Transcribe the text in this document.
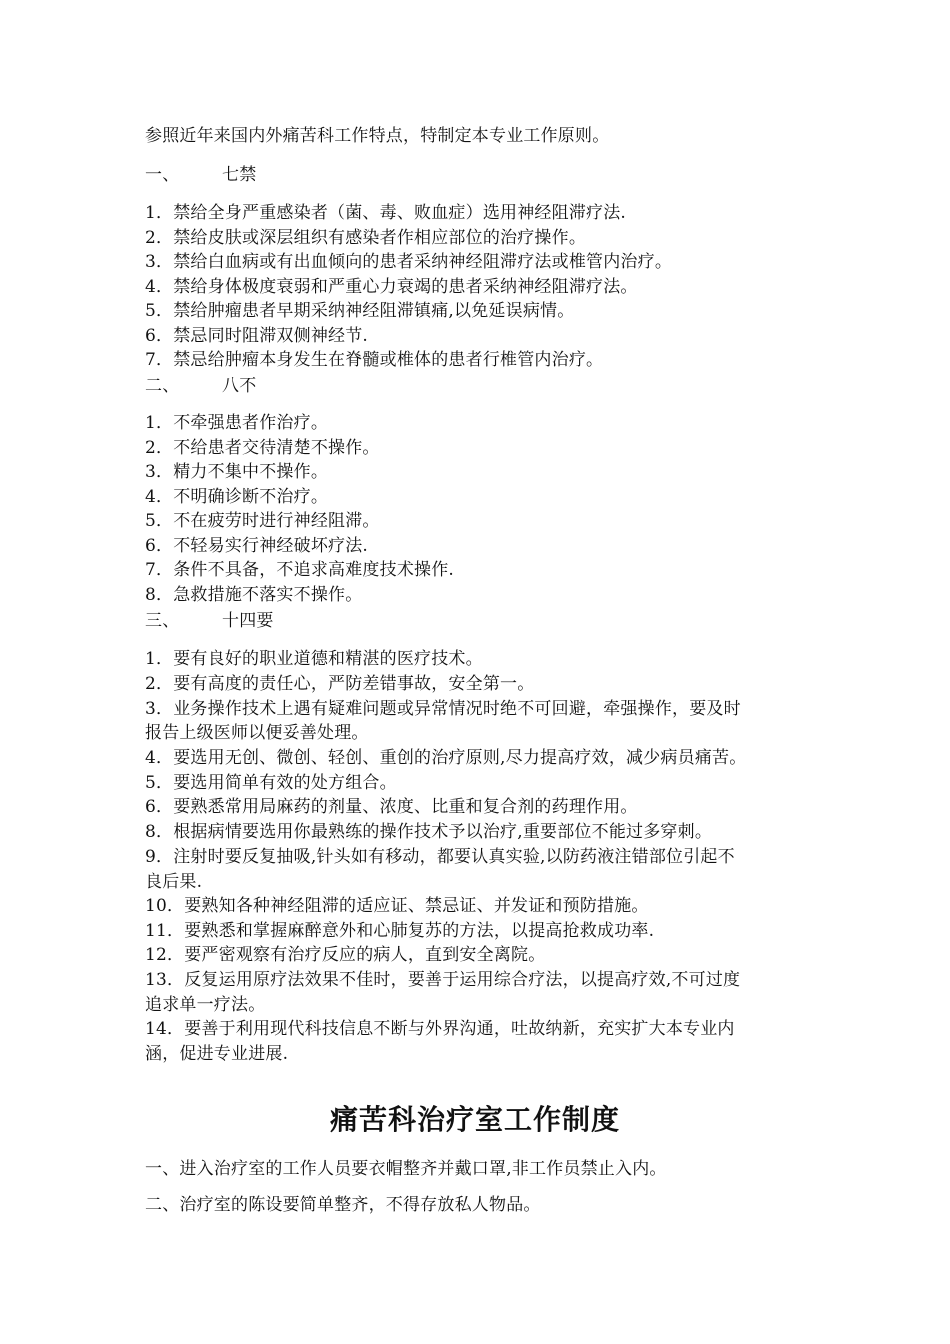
参照近年来国内外痛苦科工作特点，特制定本专业工作原则。
一、	七禁
1．禁给全身严重感染者（菌、毒、败血症）选用神经阻滞疗法.
2．禁给皮肤或深层组织有感染者作相应部位的治疗操作。
3．禁给白血病或有出血倾向的患者采纳神经阻滞疗法或椎管内治疗。
4．禁给身体极度衰弱和严重心力衰竭的患者采纳神经阻滞疗法。
5．禁给肿瘤患者早期采纳神经阻滞镇痛,以免延误病情。
6．禁忌同时阻滞双侧神经节.
7．禁忌给肿瘤本身发生在脊髓或椎体的患者行椎管内治疗。
二、	八不
1．不牵强患者作治疗。
2．不给患者交待清楚不操作。
3．精力不集中不操作。
4．不明确诊断不治疗。
5．不在疲劳时进行神经阻滞。
6．不轻易实行神经破坏疗法.
7．条件不具备，不追求高难度技术操作.
8．急救措施不落实不操作。
三、	十四要
1．要有良好的职业道德和精湛的医疗技术。
2．要有高度的责任心，严防差错事故，安全第一。
3．业务操作技术上遇有疑难问题或异常情况时绝不可回避，牵强操作，要及时
报告上级医师以便妥善处理。
4．要选用无创、微创、轻创、重创的治疗原则,尽力提高疗效，减少病员痛苦。
5．要选用简单有效的处方组合。
6．要熟悉常用局麻药的剂量、浓度、比重和复合剂的药理作用。
8．根据病情要选用你最熟练的操作技术予以治疗,重要部位不能过多穿刺。
9．注射时要反复抽吸,针头如有移动，都要认真实验,以防药液注错部位引起不
良后果.
10．要熟知各种神经阻滞的适应证、禁忌证、并发证和预防措施。
11．要熟悉和掌握麻醉意外和心肺复苏的方法，以提高抢救成功率.
12．要严密观察有治疗反应的病人，直到安全离院。
13．反复运用原疗法效果不佳时，要善于运用综合疗法，以提高疗效,不可过度
追求单一疗法。
14．要善于利用现代科技信息不断与外界沟通，吐故纳新，充实扩大本专业内
涵，促进专业进展.
痛苦科治疗室工作制度
一、进入治疗室的工作人员要衣帽整齐并戴口罩,非工作员禁止入内。
二、治疗室的陈设要简单整齐，不得存放私人物品。
